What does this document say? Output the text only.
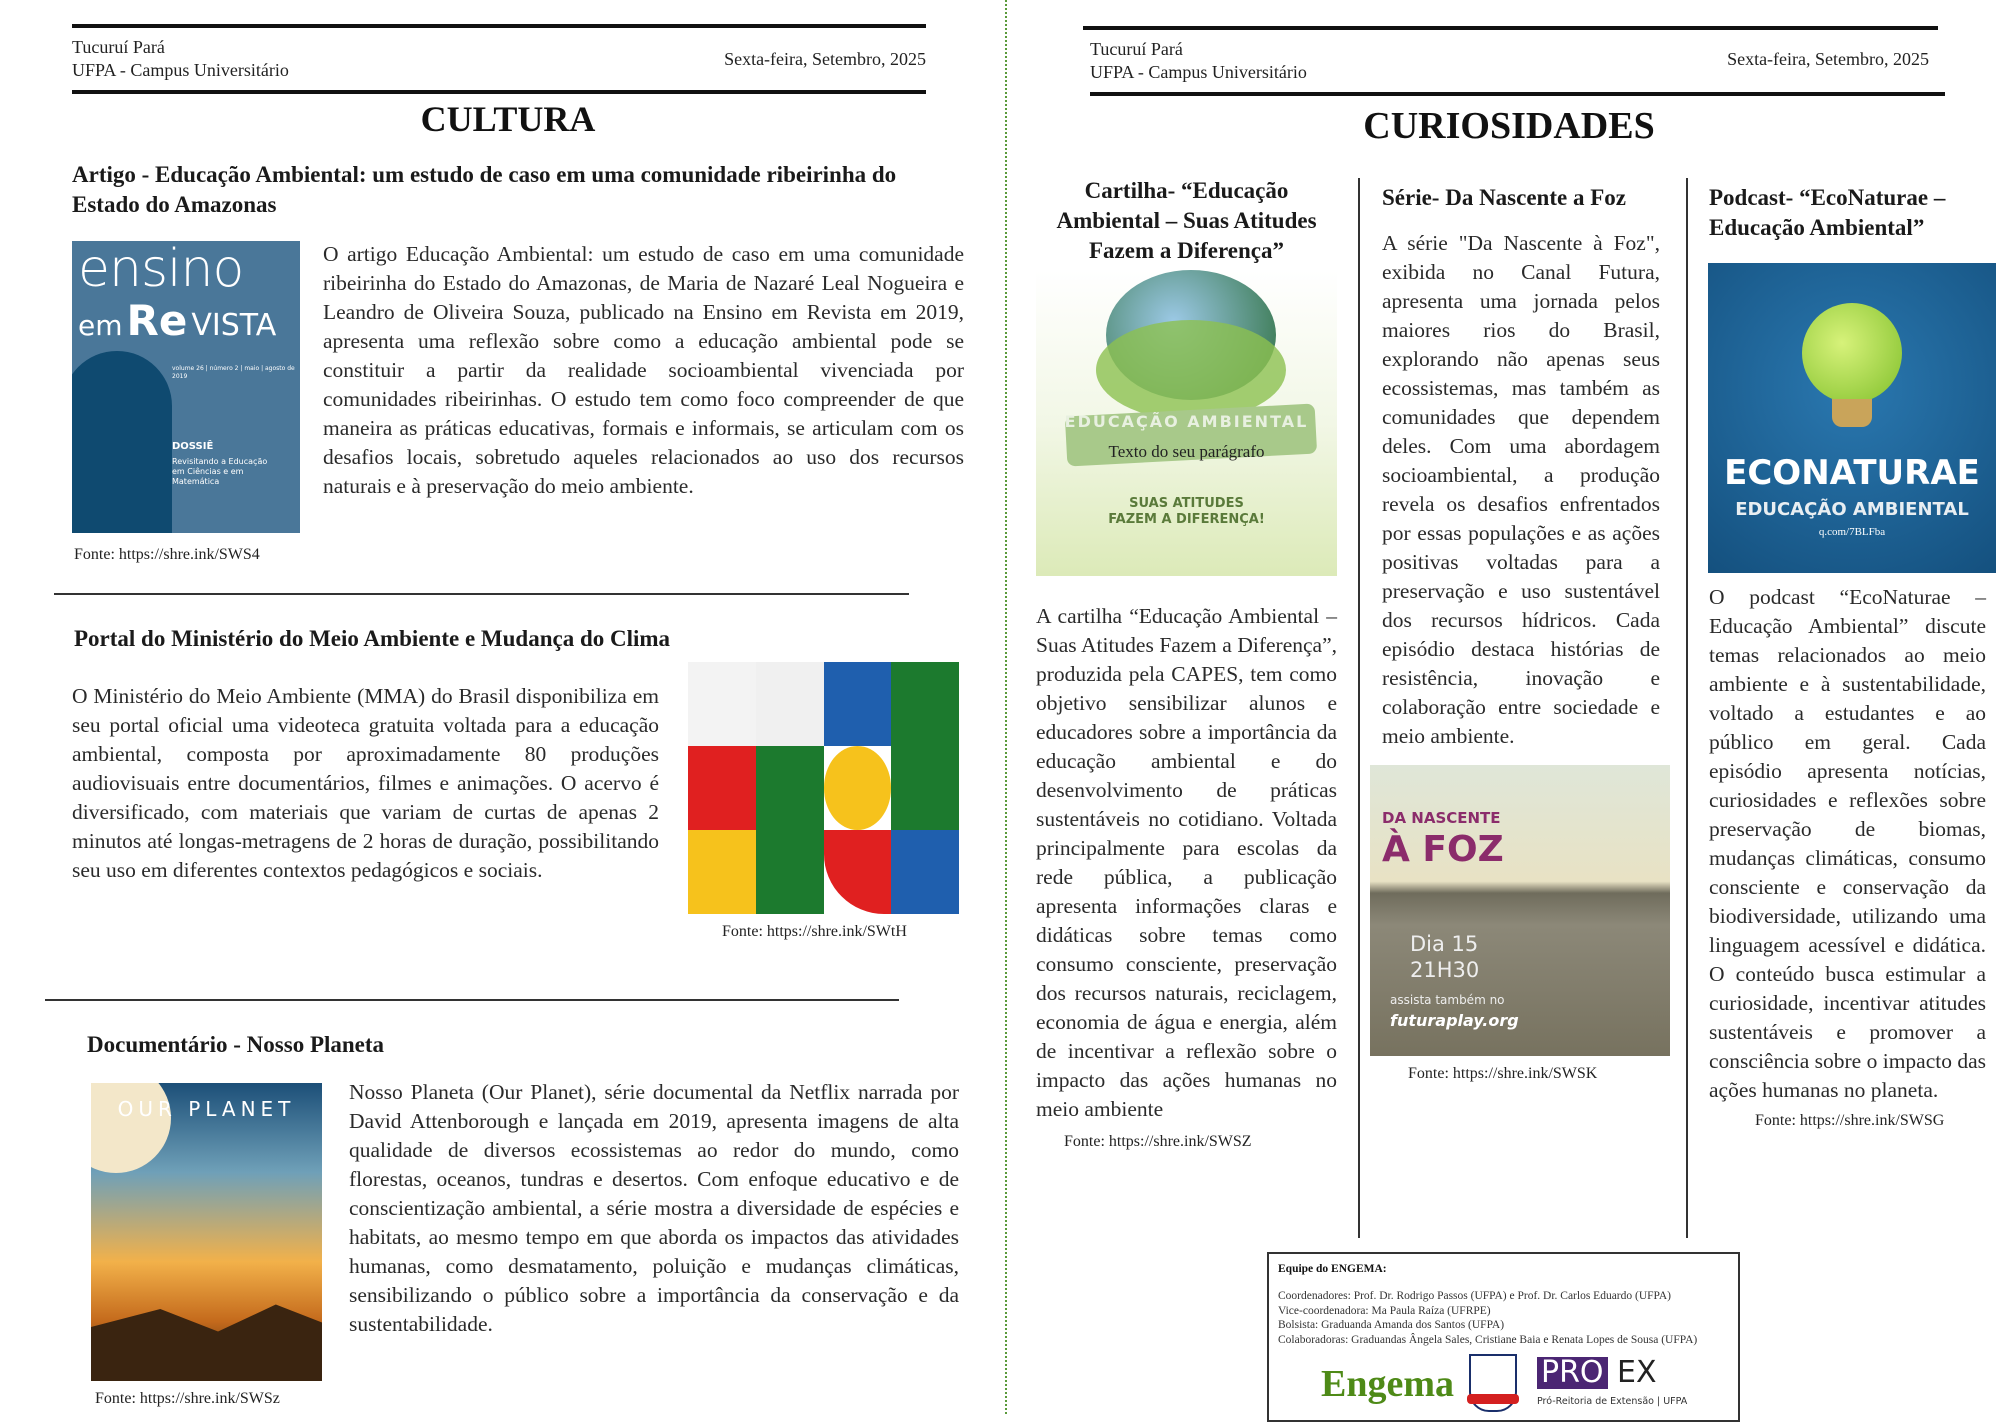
Tucuruí Pará
UFPA - Campus Universitário
Sexta-feira, Setembro, 2025
CULTURA
Artigo - Educação Ambiental: um estudo de caso em uma comunidade ribeirinha do Estado do Amazonas
ensino
em Re VISTA
volume 26 | número 2 | maio | agosto de 2019
DOSSIÊ
Revisitando a Educação em Ciências e em Matemática
O artigo Educação Ambiental: um estudo de caso em uma comunidade ribeirinha do Estado do Amazonas, de Maria de Nazaré Leal Nogueira e Leandro de Oliveira Souza, publicado na Ensino em Revista em 2019, apresenta uma reflexão sobre como a educação ambiental pode se constituir a partir da realidade socioambiental vivenciada por comunidades ribeirinhas. O estudo tem como foco compreender de que maneira as práticas educativas, formais e informais, se articulam com os desafios locais, sobretudo aqueles relacionados ao uso dos recursos naturais e à preservação do meio ambiente.
Fonte: https://shre.ink/SWS4
Portal do Ministério do Meio Ambiente e Mudança do Clima
O Ministério do Meio Ambiente (MMA) do Brasil disponibiliza em seu portal oficial uma videoteca gratuita voltada para a educação ambiental, composta por aproximadamente 80 produções audiovisuais entre documentários, filmes e animações. O acervo é diversificado, com materiais que variam de curtas de apenas 2 minutos até longas-metragens de 2 horas de duração, possibilitando seu uso em diferentes contextos pedagógicos e sociais.
Fonte: https://shre.ink/SWtH
Documentário - Nosso Planeta
OUR PLANET
Nosso Planeta (Our Planet), série documental da Netflix narrada por David Attenborough e lançada em 2019, apresenta imagens de alta qualidade de diversos ecossistemas ao redor do mundo, como florestas, oceanos, tundras e desertos. Com enfoque educativo e de conscientização ambiental, a série mostra a diversidade de espécies e habitats, ao mesmo tempo em que aborda os impactos das atividades humanas, como desmatamento, poluição e mudanças climáticas, sensibilizando o público sobre a importância da conservação e da sustentabilidade.
Fonte: https://shre.ink/SWSz
Tucuruí Pará
UFPA - Campus Universitário
Sexta-feira, Setembro, 2025
CURIOSIDADES
Cartilha- “Educação Ambiental – Suas Atitudes Fazem a Diferença”
EDUCAÇÃO AMBIENTAL
Texto do seu parágrafo
SUAS ATITUDES
FAZEM A DIFERENÇA!
A cartilha “Educação Ambiental – Suas Atitudes Fazem a Diferença”, produzida pela CAPES, tem como objetivo sensibilizar alunos e educadores sobre a importância da educação ambiental e do desenvolvimento de práticas sustentáveis no cotidiano. Voltada principalmente para escolas da rede pública, a publicação apresenta informações claras e didáticas sobre temas como consumo consciente, preservação dos recursos naturais, reciclagem, economia de água e energia, além de incentivar a reflexão sobre o impacto das ações humanas no meio ambiente
Fonte: https://shre.ink/SWSZ
Série- Da Nascente a Foz
A série "Da Nascente à Foz", exibida no Canal Futura, apresenta uma jornada pelos maiores rios do Brasil, explorando não apenas seus ecossistemas, mas também as comunidades que dependem deles. Com uma abordagem socioambiental, a produção revela os desafios enfrentados por essas populações e as ações positivas voltadas para a preservação e uso sustentável dos recursos hídricos. Cada episódio destaca histórias de resistência, inovação e colaboração entre sociedade e meio ambiente.
DA NASCENTE
À FOZ
Dia 15
21H30
assista também no
futuraplay.org
Fonte: https://shre.ink/SWSK
Podcast- “EcoNaturae – Educação Ambiental”
ECONATURAE
EDUCAÇÃO AMBIENTAL
q.com/7BLFba
O podcast “EcoNaturae – Educação Ambiental” discute temas relacionados ao meio ambiente e à sustentabilidade, voltado a estudantes e ao público em geral. Cada episódio apresenta notícias, curiosidades e reflexões sobre preservação de biomas, mudanças climáticas, consumo consciente e conservação da biodiversidade, utilizando uma linguagem acessível e didática. O conteúdo busca estimular a curiosidade, incentivar atitudes sustentáveis e promover a consciência sobre o impacto das ações humanas no planeta.
Fonte: https://shre.ink/SWSG
Equipe do ENGEMA:
Coordenadores: Prof. Dr. Rodrigo Passos (UFPA) e Prof. Dr. Carlos Eduardo (UFPA)
Vice-coordenadora: Ma Paula Raíza (UFRPE)
Bolsista: Graduanda Amanda dos Santos (UFPA)
Colaboradoras: Graduandas Ângela Sales, Cristiane Baia e Renata Lopes de Sousa (UFPA)
Engema	PRO EX
Pró-Reitoria de Extensão | UFPA
